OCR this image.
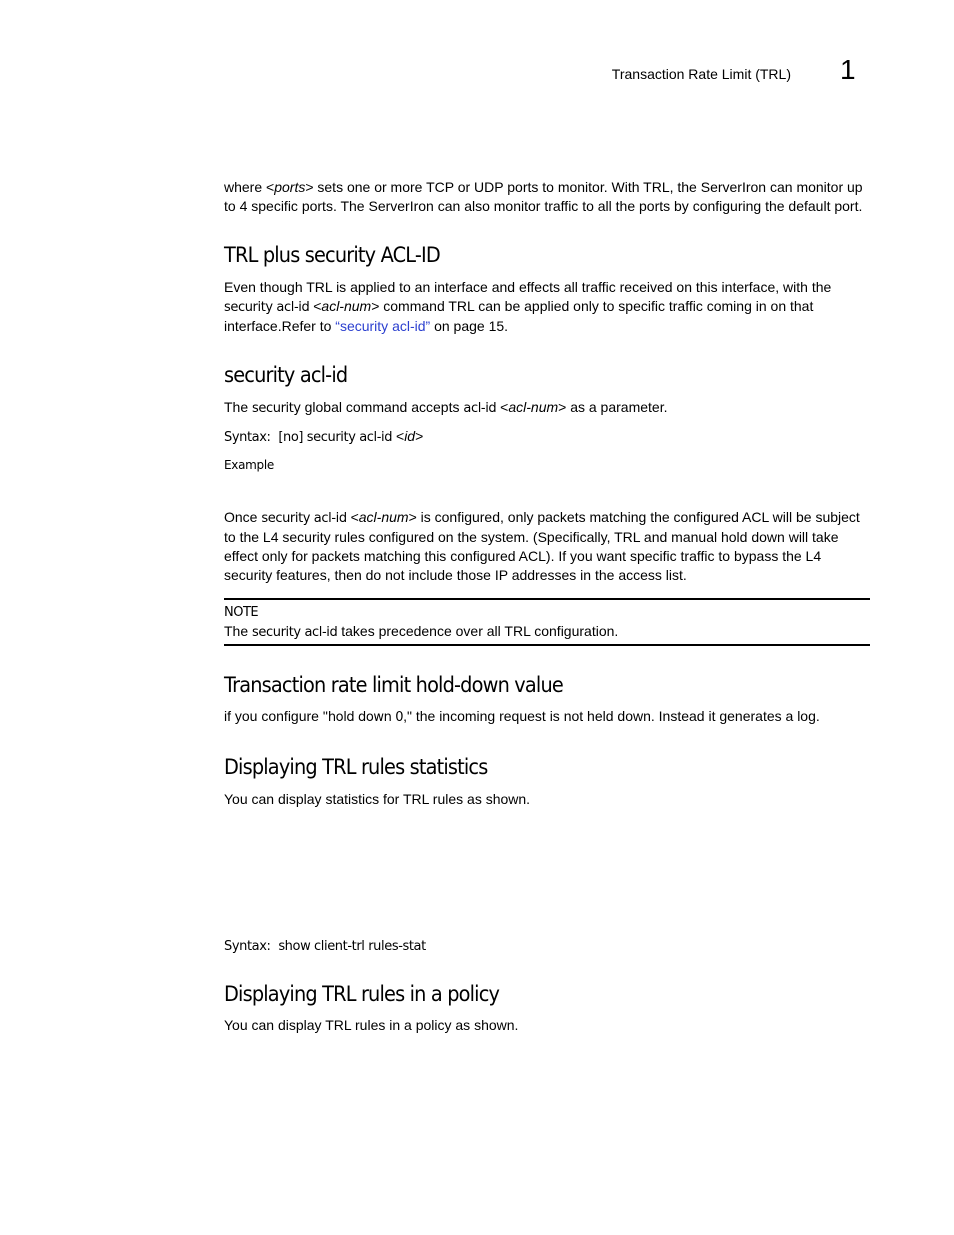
Transaction Rate Limit (TRL) 1

where <ports> sets one or more TCP or UDP ports to monitor. With TRL, the ServerIron can monitor up to 4 specific ports. The ServerIron can also monitor traffic to all the ports by configuring the default port.

TRL plus security ACL-ID

Even though TRL is applied to an interface and effects all traffic received on this interface, with the security acl-id <acl-num> command TRL can be applied only to specific traffic coming in on that interface.Refer to “security acl-id” on page 15.

security acl-id

The security global command accepts acl-id <acl-num> as a parameter.

Syntax: [no] security acl-id <id>

Example

Once security acl-id <acl-num> is configured, only packets matching the configured ACL will be subject to the L4 security rules configured on the system. (Specifically, TRL and manual hold down will take effect only for packets matching this configured ACL). If you want specific traffic to bypass the L4 security features, then do not include those IP addresses in the access list.

NOTE

The security acl-id takes precedence over all TRL configuration.

Transaction rate limit hold-down value

if you configure "hold down 0," the incoming request is not held down. Instead it generates a log.

Displaying TRL rules statistics

You can display statistics for TRL rules as shown.

Syntax: show client-trl rules-stat

Displaying TRL rules in a policy

You can display TRL rules in a policy as shown.
